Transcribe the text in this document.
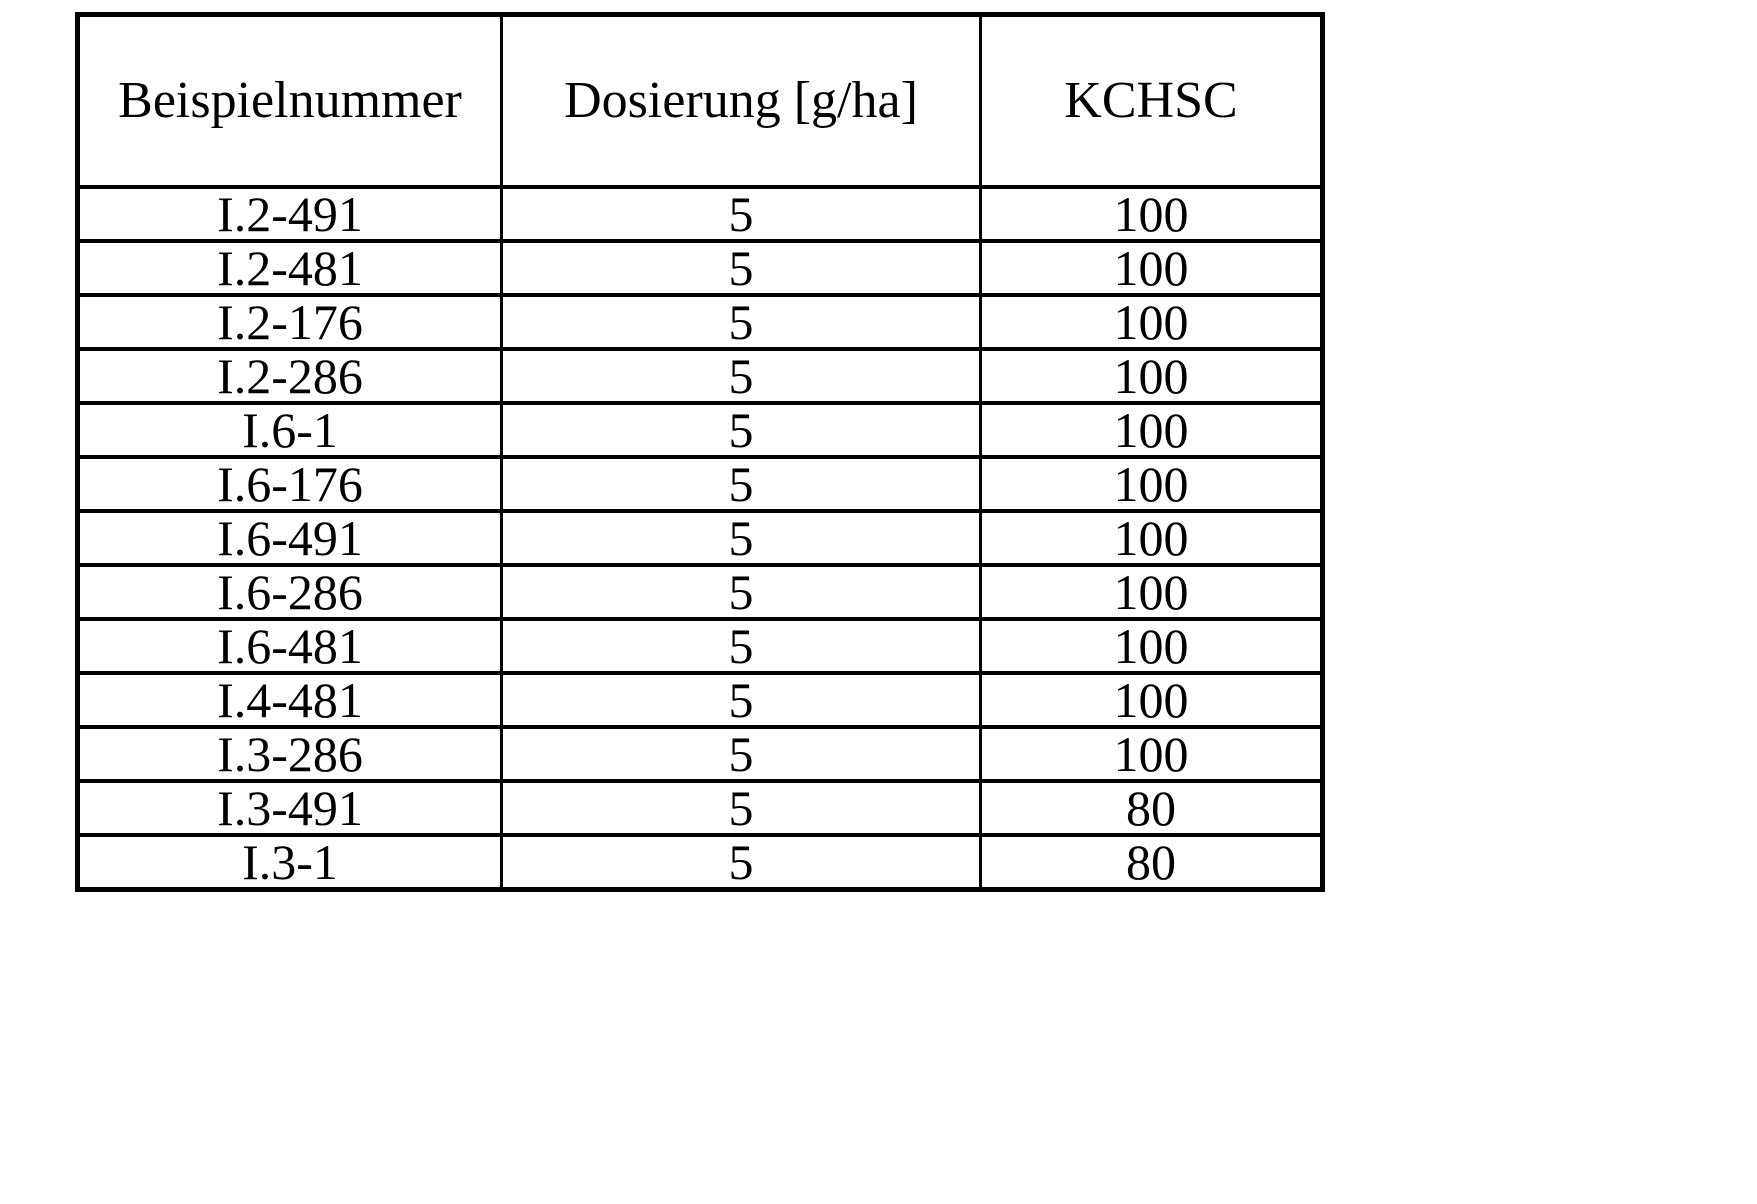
Beispielnummer	Dosierung [g/ha]	KCHSC
I.2-491	5	100
I.2-481	5	100
I.2-176	5	100
I.2-286	5	100
I.6-1	5	100
I.6-176	5	100
I.6-491	5	100
I.6-286	5	100
I.6-481	5	100
I.4-481	5	100
I.3-286	5	100
I.3-491	5	80
I.3-1	5	80
